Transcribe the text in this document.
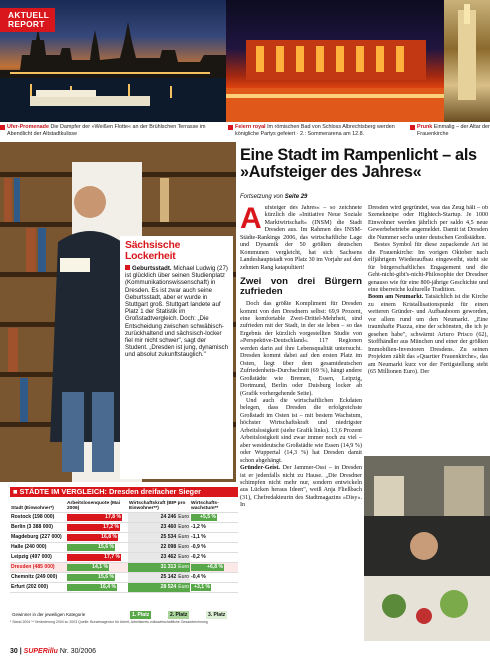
AKTUELL
REPORT
Ufer-Promenade Die Dampfer der »Weißen Flotte« an der Brühlschen Terrasse im Abendlicht der Altstadtkulisse
Feiern royal Im römischen Bad von Schloss Albrechtsberg werden königliche Partys gefeiert · 2.: Sommerarena am 12.8.
Prunk Einmalig – der Altar der Frauenkirche
Sächsische Lockerheit

Geburtsstadt. Michael Ludwig (27) ist glücklich über seinen Studienplatz (Kommunikationswissenschaft) in Dresden. Es ist zwar auch seine Geburtsstadt, aber er wurde in Stuttgart groß. Stuttgart landete auf Platz 1 der Statistik im Großstadtvergleich. Doch: „Die Entscheidung zwischen schwäbisch-zurückhaltend und sächsisch-locker fiel mir nicht schwer", sagt der Student. „Dresden ist jung, dynamisch und absolut zukunftstauglich."

Eine Stadt im Rampenlicht – als »Aufsteiger des Jahres«
Fortsetzung von Seite 29
Aufsteiger des Jahres« – so zeichnete kürzlich die »Initiative Neue Soziale Marktwirtschaft« (INSM) die Stadt Dresden aus. Im Rahmen des INSM-Städte-Rankings 2006, das wirtschaftliche Lage und Dynamik der 50 größten deutschen Kommunen vergleicht, hat sich Sachsens Landeshauptstadt von Platz 30 im Vorjahr auf den zehnten Rang katapultiert!
Zwei von drei Bürgern zufrieden

Doch das größte Kompliment für Dresden kommt von den Dresdnern selbst: 69,9 Prozent, eine komfortable Zwei-Drittel-Mehrheit, sind zufrieden mit der Stadt, in der sie leben – so das Ergebnis der kürzlich vorgestellten Studie von »Perspektive-Deutschland«. 117 Regionen werden darin auf ihre Lebensqualität untersucht. Dresden kommt dabei auf den ersten Platz im Osten, liegt über dem gesamtdeutschen Zufriedenheits-Durchschnitt (69 %), hängt andere Großstädte wie Bremen, Essen, Leipzig, Dortmund, Berlin oder Duisburg locker ab (Grafik vorhergehende Seite).

Und auch die wirtschaftlichen Eckdaten belegen, dass Dresden die erfolgreichste Großstadt im Osten ist – mit bestem Wachstum, höchster Wirtschaftskraft und niedrigster Arbeitslosigkeit (siehe Grafik links). 13,6 Prozent Arbeitslosigkeit sind zwar immer noch zu viel – aber westdeutsche Großstädte wie Essen (14,9 %) oder Wuppertal (14,3 %) hat Dresden damit schon abgehängt.

Gründer-Geist. Der Jammer-Ossi – in Dresden ist er jedenfalls nicht zu Hause. „Die Dresdner schimpfen nicht mehr nur, sondern entwickeln aus Lücken heraus Ideen", weiß Anja Fließbach (31), Chefredakteurin des Stadtmagazins »Disy«. In

Dresden wird gegründet, was das Zeug hält – ob Szenekneipe oder Hightech-Startup. Je 1000 Einwohner werden jährlich per saldo 4,5 neue Gewerbebetriebe angemeldet. Damit ist Dresden die Nummer sechs unter deutschen Großstädten.

Bestes Symbol für diese zupackende Art ist die Frauenkirche: Im vorigen Oktober nach elfjährigem Wiederaufbau eingeweiht, steht sie für bürgerschaftliches Engagement und die Geht-nicht-gibt's-nicht-Philosophie der Dresdner genauso wie für eine 800-jährige Geschichte und eine überreiche kulturelle Tradition.

Boom am Neumarkt. Tatsächlich ist die Kirche zu einem Kristallisationspunkt für einen weiteren Gründer- und Aufbauboom geworden, vor allem rund um den Neumarkt. „Eine traumhafte Piazza, eine der schönsten, die ich je gesehen habe", schwärmt Arturo Prisco (62), Stoffhändler aus München und einer der größten Immobilien-Investoren Dresdens. Zu seinen Projekten zählt das »Quartier Frauenkirche«, das am Neumarkt kurz vor der Fertigstellung steht (65 Millionen Euro). Der

■ STÄDTE IM VERGLEICH: Dresden dreifacher Sieger
Stadt (Einwohner*)	Arbeitslosenquote (Mai 2006)	Wirtschaftskraft (BIP pro Einwohner**)	Wirtschafts-wachstum**
Rostock (198 000)	17,8 %	24 246 Euro	+5,5 %
Berlin (3 388 000)	17,2 %	23 460 Euro	-1,2 %
Magdeburg (227 000)	16,8 %	25 534 Euro	-1,1 %
Halle (240 000)	15,6 %	22 098 Euro	-0,9 %
Leipzig (497 000)	17,7 %	23 462 Euro	-0,2 %
Dresden (485 000)	14,1 %	31 313 Euro	+6,8 %
Chemnitz (249 000)	15,6 %	25 142 Euro	-0,4 %
Erfurt (202 000)	16,4 %	28 524 Euro	+3,1 %
Gewinner in der jeweiligen Kategorie	1. Platz	2. Platz	3. Platz
* Stand 2004 ** Veränderung 2004 zu 2003 Quelle: Bundesagentur für Arbeit, Arbeitskreis volkswirtschaftliche Gesamtrechnung
30 | SUPERillu Nr. 30/2006
